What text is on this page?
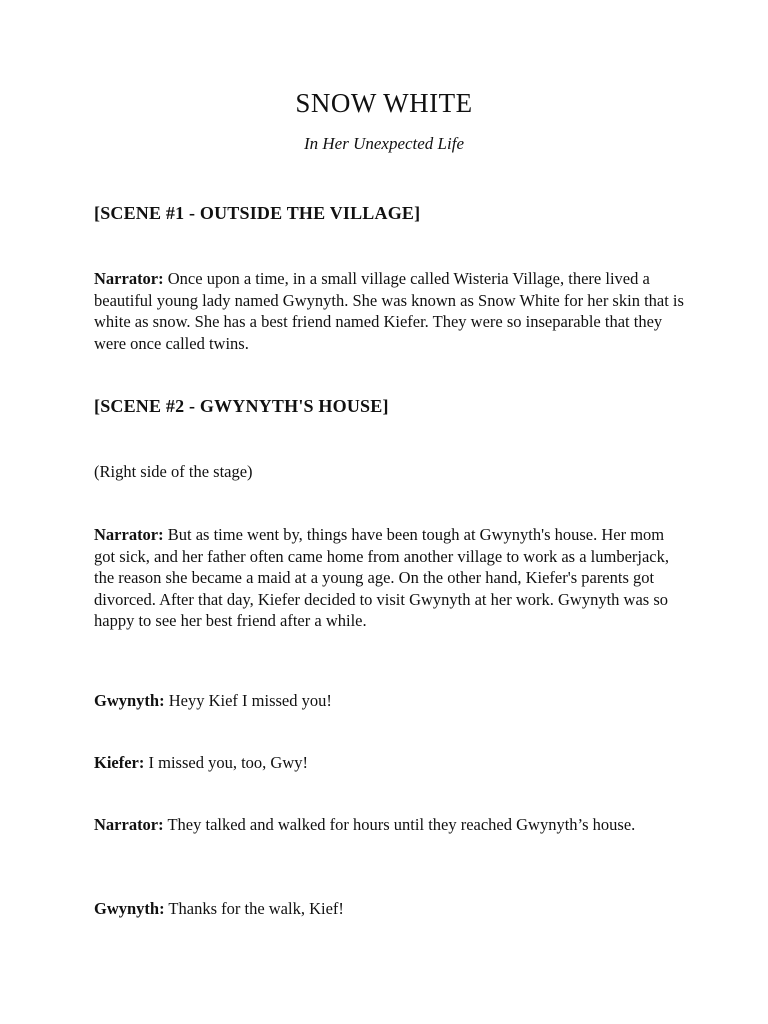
SNOW WHITE
In Her Unexpected Life
[SCENE #1 - OUTSIDE THE VILLAGE]
Narrator: Once upon a time, in a small village called Wisteria Village, there lived a beautiful young lady named Gwynyth. She was known as Snow White for her skin that is white as snow. She has a best friend named Kiefer. They were so inseparable that they were once called twins.
[SCENE #2 - GWYNYTH'S HOUSE]
(Right side of the stage)
Narrator: But as time went by, things have been tough at Gwynyth's house. Her mom got sick, and her father often came home from another village to work as a lumberjack, the reason she became a maid at a young age. On the other hand, Kiefer's parents got divorced. After that day, Kiefer decided to visit Gwynyth at her work. Gwynyth was so happy to see her best friend after a while.
Gwynyth: Heyy Kief I missed you!
Kiefer: I missed you, too, Gwy!
Narrator: They talked and walked for hours until they reached Gwynyth’s house.
Gwynyth: Thanks for the walk, Kief!
